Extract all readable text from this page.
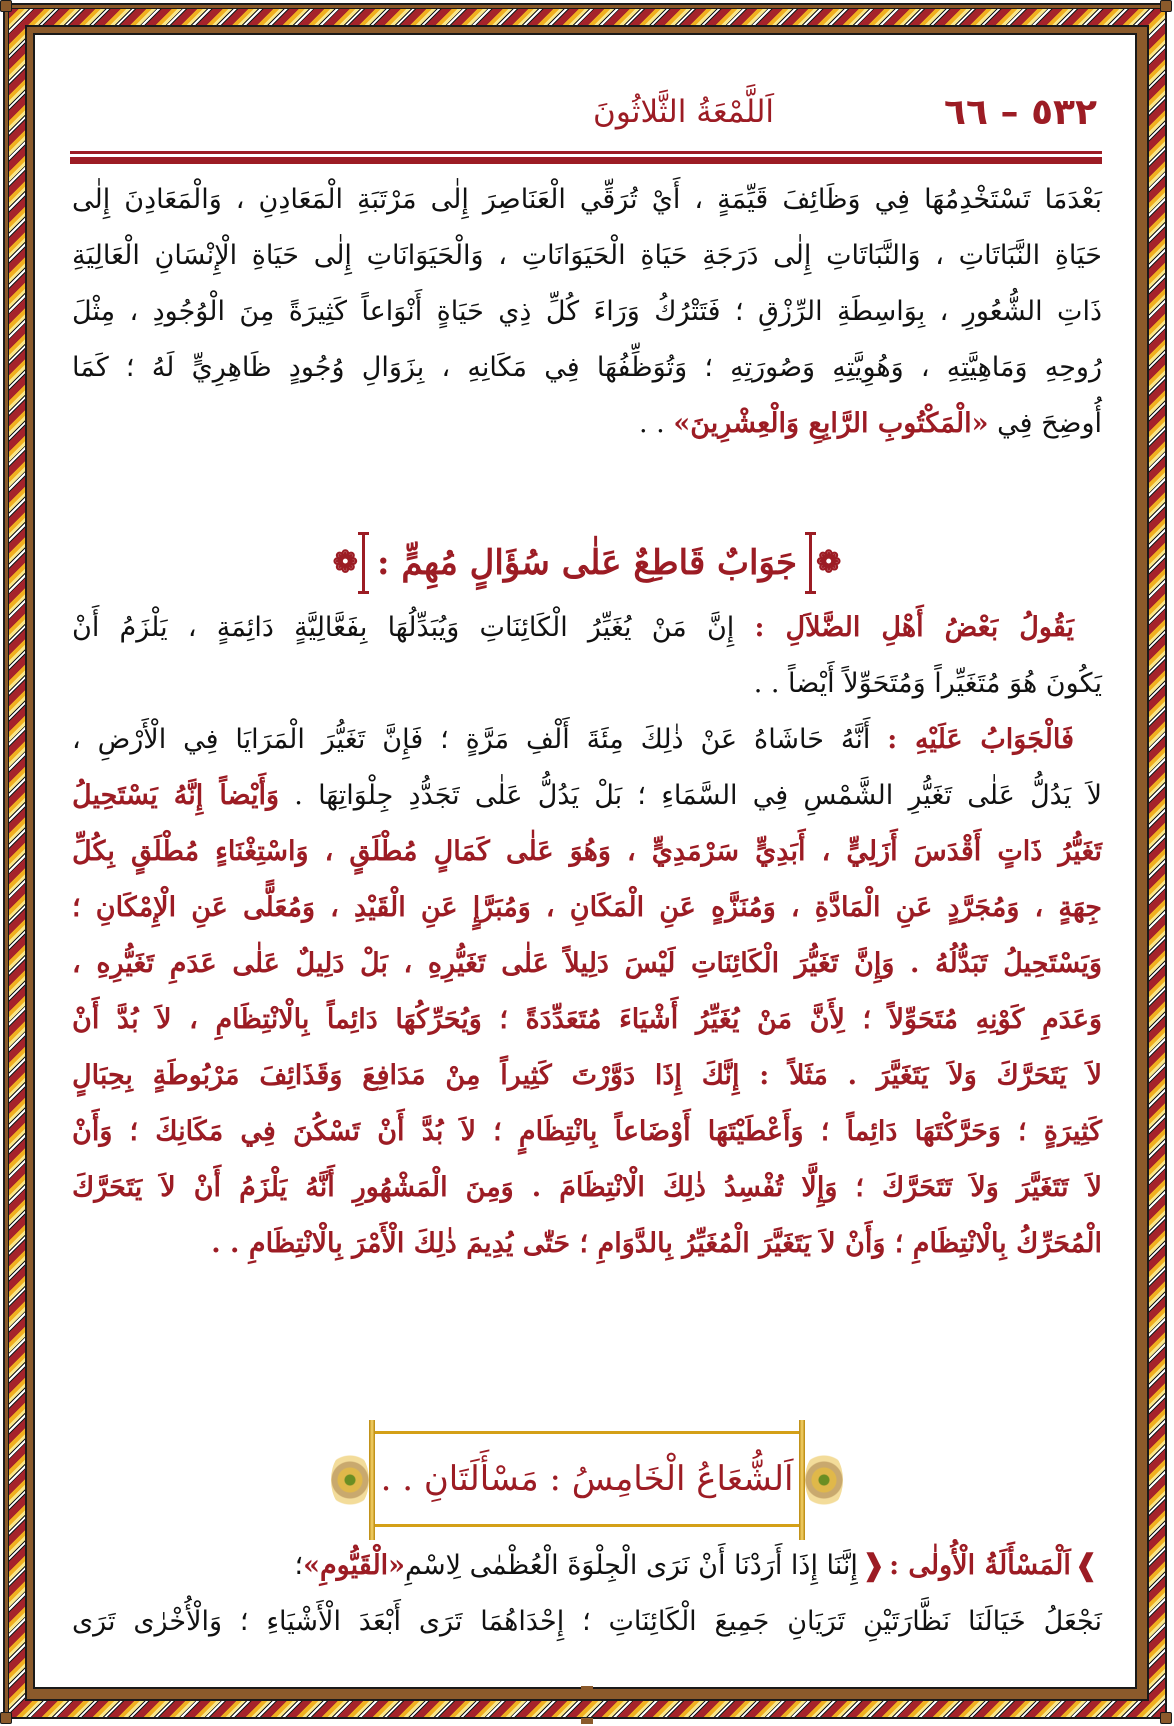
٥٣٢ – ٦٦
اَللَّمْعَةُ الثَّلاثُونَ
بَعْدَمَا تَسْتَخْدِمُهَا فِي وَظَائِفَ قَيِّمَةٍ ، أَيْ تُرَقِّي الْعَنَاصِرَ إِلٰى مَرْتَبَةِ الْمَعَادِنِ ، وَالْمَعَادِنَ إِلٰى
حَيَاةِ النَّبَاتَاتِ ، وَالنَّبَاتَاتِ إِلٰى دَرَجَةِ حَيَاةِ الْحَيَوَانَاتِ ، وَالْحَيَوَانَاتِ إِلٰى حَيَاةِ الْإِنْسَانِ الْعَالِيَةِ
ذَاتِ الشُّعُورِ ، بِوَاسِطَةِ الرِّزْقِ ؛ فَتَتْرُكُ وَرَاءَ كُلِّ ذِي حَيَاةٍ أَنْوَاعاً كَثِيرَةً مِنَ الْوُجُودِ ، مِثْلَ
رُوحِهِ وَمَاهِيَّتِهِ ، وَهُوِيَّتِهِ وَصُورَتِهِ ؛ وَتُوَظِّفُهَا فِي مَكَانِهِ ، بِزَوَالِ وُجُودٍ ظَاهِرِيٍّ لَهُ ؛ كَمَا
أُوضِحَ فِي «الْمَكْتُوبِ الرَّابِعِ وَالْعِشْرِينَ» . .
❁
جَوَابٌ قَاطِعٌ عَلٰى سُؤَالٍ مُهِمٍّ :
❁
يَقُولُ بَعْضُ أَهْلِ الضَّلاَلِ : إِنَّ مَنْ يُغَيِّرُ الْكَائِنَاتِ وَيُبَدِّلُهَا بِفَعَّالِيَّةٍ دَائِمَةٍ ، يَلْزَمُ أَنْ
يَكُونَ هُوَ مُتَغَيِّراً وَمُتَحَوِّلاً أَيْضاً . .
فَالْجَوَابُ عَلَيْهِ : أَنَّهُ حَاشَاهُ عَنْ ذٰلِكَ مِئَةَ أَلْفِ مَرَّةٍ ؛ فَإِنَّ تَغَيُّرَ الْمَرَايَا فِي الْأَرْضِ ،
لاَ يَدُلُّ عَلٰى تَغَيُّرِ الشَّمْسِ فِي السَّمَاءِ ؛ بَلْ يَدُلُّ عَلٰى تَجَدُّدِ جِلْوَاتِهَا . وَأَيْضاً إِنَّهُ يَسْتَحِيلُ
تَغَيُّرُ ذَاتٍ أَقْدَسَ أَزَلِيٍّ ، أَبَدِيٍّ سَرْمَدِيٍّ ، وَهُوَ عَلٰى كَمَالٍ مُطْلَقٍ ، وَاسْتِغْنَاءٍ مُطْلَقٍ بِكُلِّ
جِهَةٍ ، وَمُجَرَّدٍ عَنِ الْمَادَّةِ ، وَمُنَزَّهٍ عَنِ الْمَكَانِ ، وَمُبَرَّإٍ عَنِ الْقَيْدِ ، وَمُعَلًّى عَنِ الْإِمْكَانِ ؛
وَيَسْتَحِيلُ تَبَدُّلُهُ . وَإِنَّ تَغَيُّرَ الْكَائِنَاتِ لَيْسَ دَلِيلاً عَلٰى تَغَيُّرِهِ ، بَلْ دَلِيلٌ عَلٰى عَدَمِ تَغَيُّرِهِ ،
وَعَدَمِ كَوْنِهِ مُتَحَوِّلاً ؛ لِأَنَّ مَنْ يُغَيِّرُ أَشْيَاءَ مُتَعَدِّدَةً ؛ وَيُحَرِّكُهَا دَائِماً بِالْانْتِظَامِ ، لاَ بُدَّ أَنْ
لاَ يَتَحَرَّكَ وَلاَ يَتَغَيَّرَ . مَثَلاً : إِنَّكَ إِذَا دَوَّرْتَ كَثِيراً مِنْ مَدَافِعَ وَقَذَائِفَ مَرْبُوطَةٍ بِحِبَالٍ
كَثِيرَةٍ ؛ وَحَرَّكْتَهَا دَائِماً ؛ وَأَعْطَيْتَهَا أَوْضَاعاً بِانْتِظَامٍ ؛ لاَ بُدَّ أَنْ تَسْكُنَ فِي مَكَانِكَ ؛ وَأَنْ
لاَ تَتَغَيَّرَ وَلاَ تَتَحَرَّكَ ؛ وَإِلَّا تُفْسِدُ ذٰلِكَ الْانْتِظَامَ . وَمِنَ الْمَشْهُورِ أَنَّهُ يَلْزَمُ أَنْ لاَ يَتَحَرَّكَ
الْمُحَرِّكُ بِالْانْتِظَامِ ؛ وَأَنْ لاَ يَتَغَيَّرَ الْمُغَيِّرُ بِالدَّوَامِ ؛ حَتّٰى يُدِيمَ ذٰلِكَ الْأَمْرَ بِالْانْتِظَامِ . .
اَلشُّعَاعُ الْخَامِسُ : مَسْأَلَتَانِ . .
❱
اَلْمَسْأَلَةُ الْأُولٰى :
❰
إِنَّنَا إِذَا أَرَدْنَا أَنْ نَرَى الْجِلْوَةَ الْعُظْمٰى لِاسْمِ
«الْقَيُّومِ»
؛
نَجْعَلُ خَيَالَنَا نَظَّارَتَيْنِ تَرَيَانِ جَمِيعَ الْكَائِنَاتِ ؛ إِحْدَاهُمَا تَرَى أَبْعَدَ الْأَشْيَاءِ ؛ وَالْأُخْرٰى تَرَى
